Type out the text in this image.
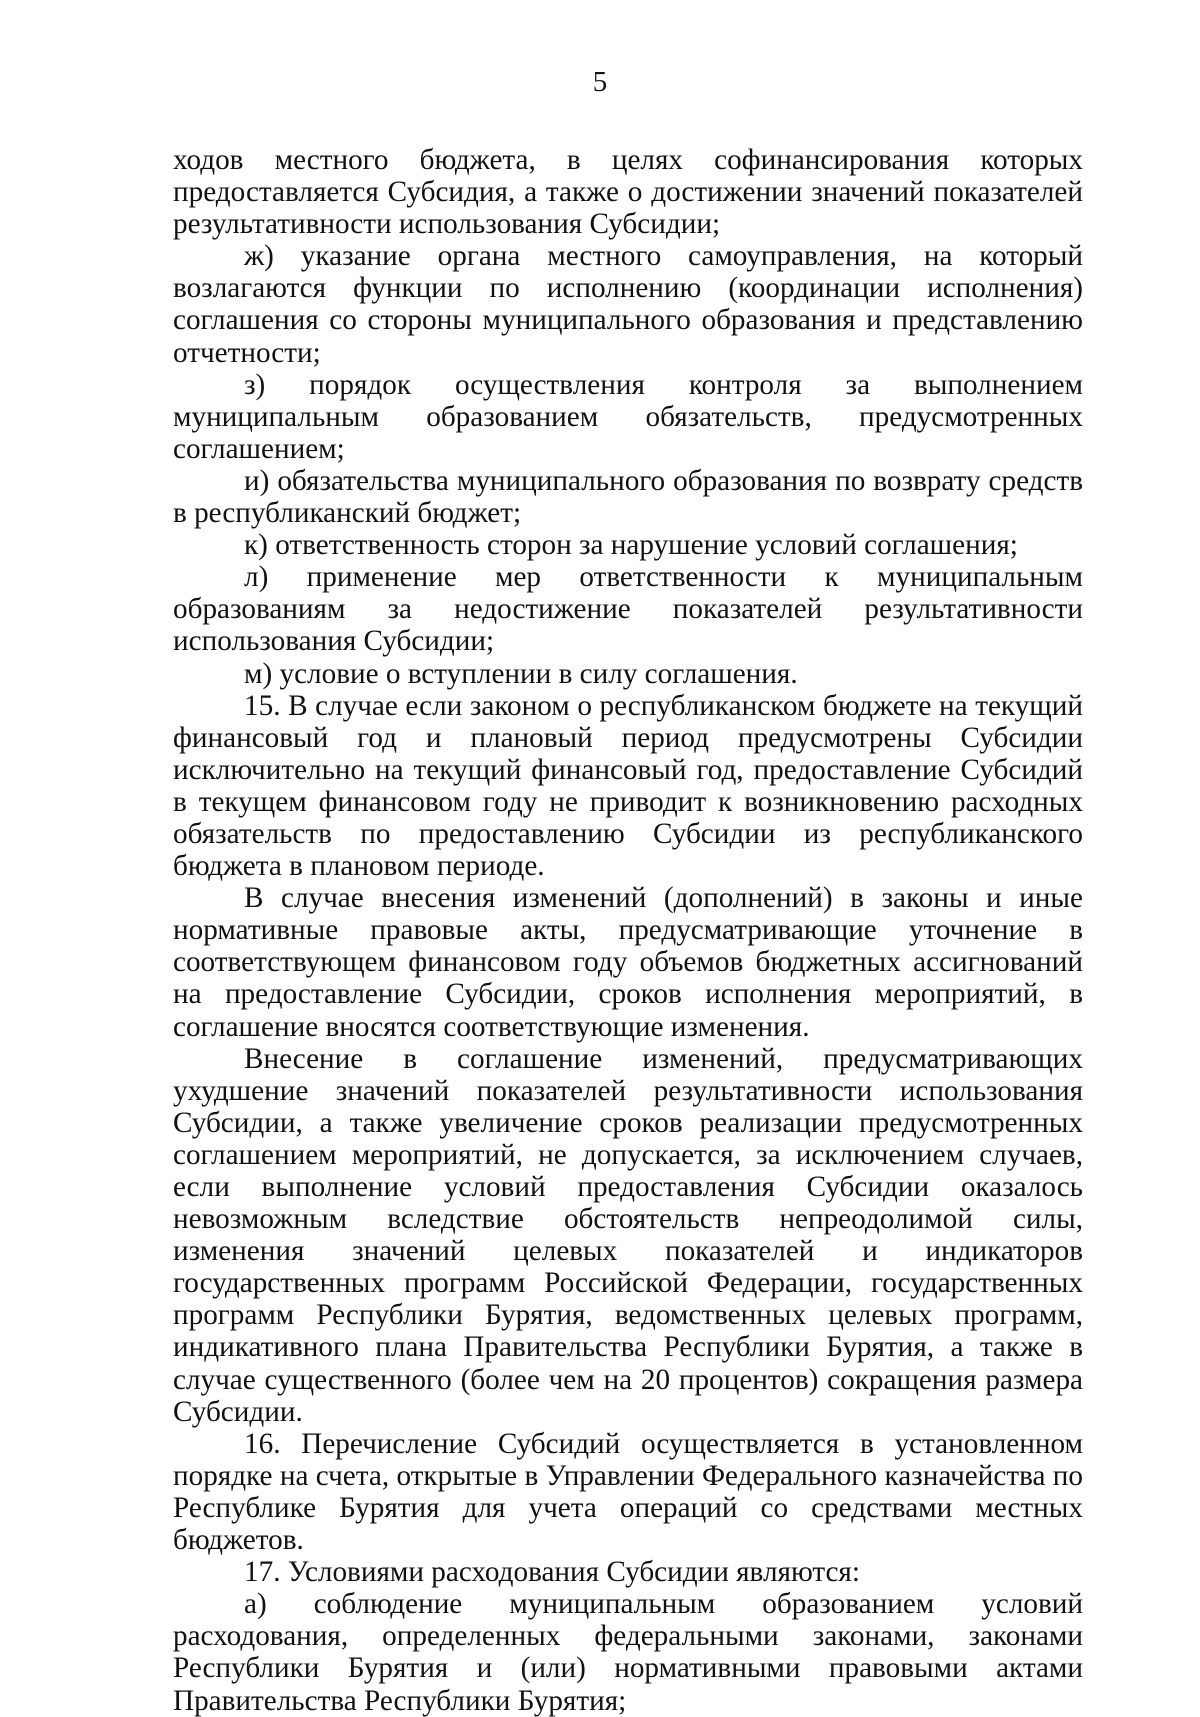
5

ходов местного бюджета, в целях софинансирования которых предоставляется Субсидия, а также о достижении значений показателей результативности использования Субсидии;

ж) указание органа местного самоуправления, на который возлагаются функции по исполнению (координации исполнения) соглашения со стороны муниципального образования и представлению отчетности;

з) порядок осуществления контроля за выполнением муниципальным образованием обязательств, предусмотренных соглашением;

и) обязательства муниципального образования по возврату средств в республиканский бюджет;

к) ответственность сторон за нарушение условий соглашения;

л) применение мер ответственности к муниципальным образованиям за недостижение показателей результативности использования Субсидии;

м) условие о вступлении в силу соглашения.

15. В случае если законом о республиканском бюджете на текущий финансовый год и плановый период предусмотрены Субсидии исключительно на текущий финансовый год, предоставление Субсидий в текущем финансовом году не приводит к возникновению расходных обязательств по предоставлению Субсидии из республиканского бюджета в плановом периоде.

В случае внесения изменений (дополнений) в законы и иные нормативные правовые акты, предусматривающие уточнение в соответствующем финансовом году объемов бюджетных ассигнований на предоставление Субсидии, сроков исполнения мероприятий, в соглашение вносятся соответствующие изменения.

Внесение в соглашение изменений, предусматривающих ухудшение значений показателей результативности использования Субсидии, а также увеличение сроков реализации предусмотренных соглашением мероприятий, не допускается, за исключением случаев, если выполнение условий предоставления Субсидии оказалось невозможным вследствие обстоятельств непреодолимой силы, изменения значений целевых показателей и индикаторов государственных программ Российской Федерации, государственных программ Республики Бурятия, ведомственных целевых программ, индикативного плана Правительства Республики Бурятия, а также в случае существенного (более чем на 20 процентов) сокращения размера Субсидии.

16. Перечисление Субсидий осуществляется в установленном порядке на счета, открытые в Управлении Федерального казначейства по Республике Бурятия для учета операций со средствами местных бюджетов.

17. Условиями расходования Субсидии являются:

а) соблюдение муниципальным образованием условий расходования, определенных федеральными законами, законами Республики Бурятия и (или) нормативными правовыми актами Правительства Республики Бурятия;
